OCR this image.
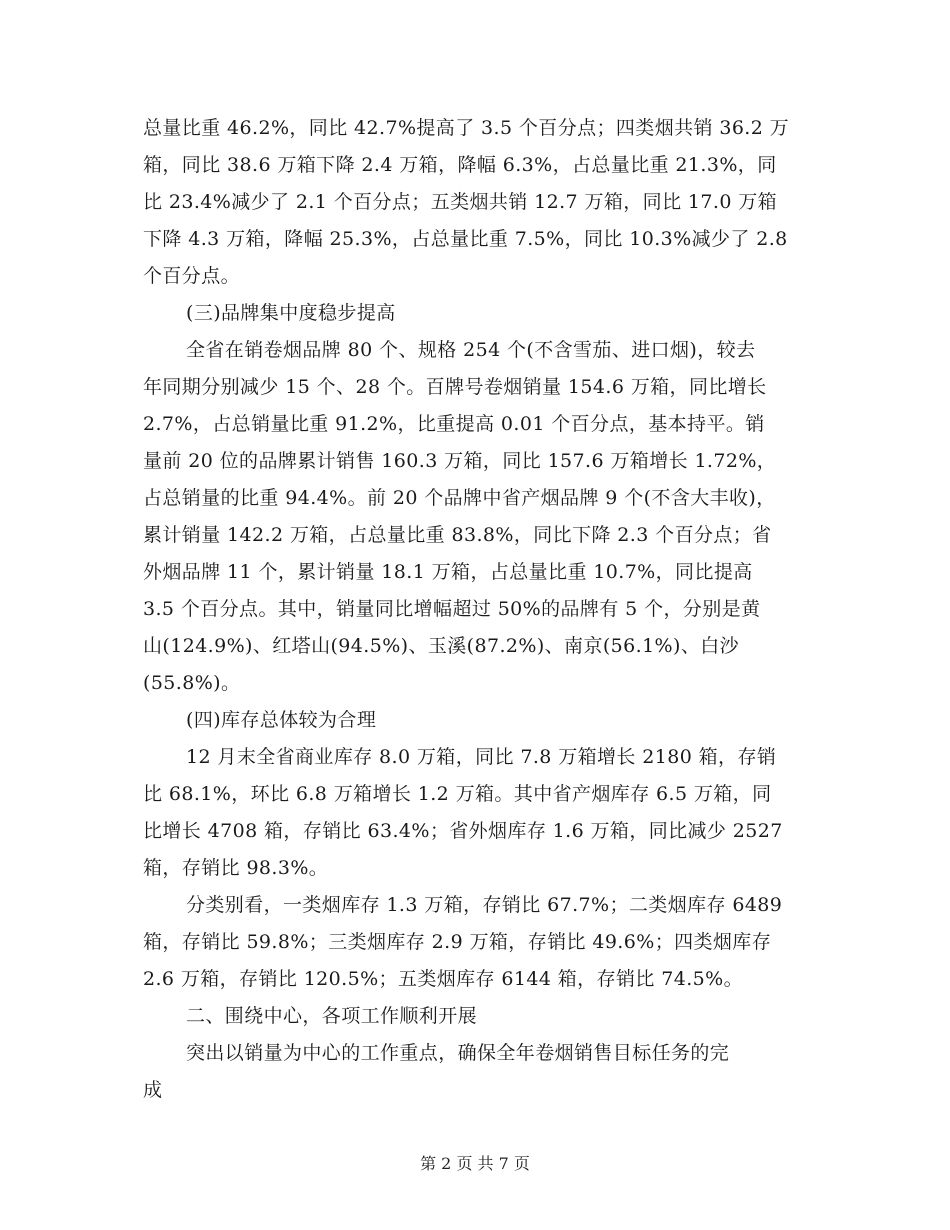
总量比重 46.2%，同比 42.7%提高了 3.5 个百分点；四类烟共销 36.2 万
箱，同比 38.6 万箱下降 2.4 万箱，降幅 6.3%，占总量比重 21.3%，同
比 23.4%减少了 2.1 个百分点；五类烟共销 12.7 万箱，同比 17.0 万箱
下降 4.3 万箱，降幅 25.3%，占总量比重 7.5%，同比 10.3%减少了 2.8
个百分点。
(三)品牌集中度稳步提高
全省在销卷烟品牌 80 个、规格 254 个(不含雪茄、进口烟)，较去
年同期分别减少 15 个、28 个。百牌号卷烟销量 154.6 万箱，同比增长
2.7%，占总销量比重 91.2%，比重提高 0.01 个百分点，基本持平。销
量前 20 位的品牌累计销售 160.3 万箱，同比 157.6 万箱增长 1.72%，
占总销量的比重 94.4%。前 20 个品牌中省产烟品牌 9 个(不含大丰收)，
累计销量 142.2 万箱，占总量比重 83.8%，同比下降 2.3 个百分点；省
外烟品牌 11 个，累计销量 18.1 万箱，占总量比重 10.7%，同比提高
3.5 个百分点。其中，销量同比增幅超过 50%的品牌有 5 个，分别是黄
山(124.9%)、红塔山(94.5%)、玉溪(87.2%)、南京(56.1%)、白沙
(55.8%)。
(四)库存总体较为合理
12 月末全省商业库存 8.0 万箱，同比 7.8 万箱增长 2180 箱，存销
比 68.1%，环比 6.8 万箱增长 1.2 万箱。其中省产烟库存 6.5 万箱，同
比增长 4708 箱，存销比 63.4%；省外烟库存 1.6 万箱，同比减少 2527
箱，存销比 98.3%。
分类别看，一类烟库存 1.3 万箱，存销比 67.7%；二类烟库存 6489
箱，存销比 59.8%；三类烟库存 2.9 万箱，存销比 49.6%；四类烟库存
2.6 万箱，存销比 120.5%；五类烟库存 6144 箱，存销比 74.5%。
二、围绕中心，各项工作顺利开展
突出以销量为中心的工作重点，确保全年卷烟销售目标任务的完
成
第 2 页 共 7 页
